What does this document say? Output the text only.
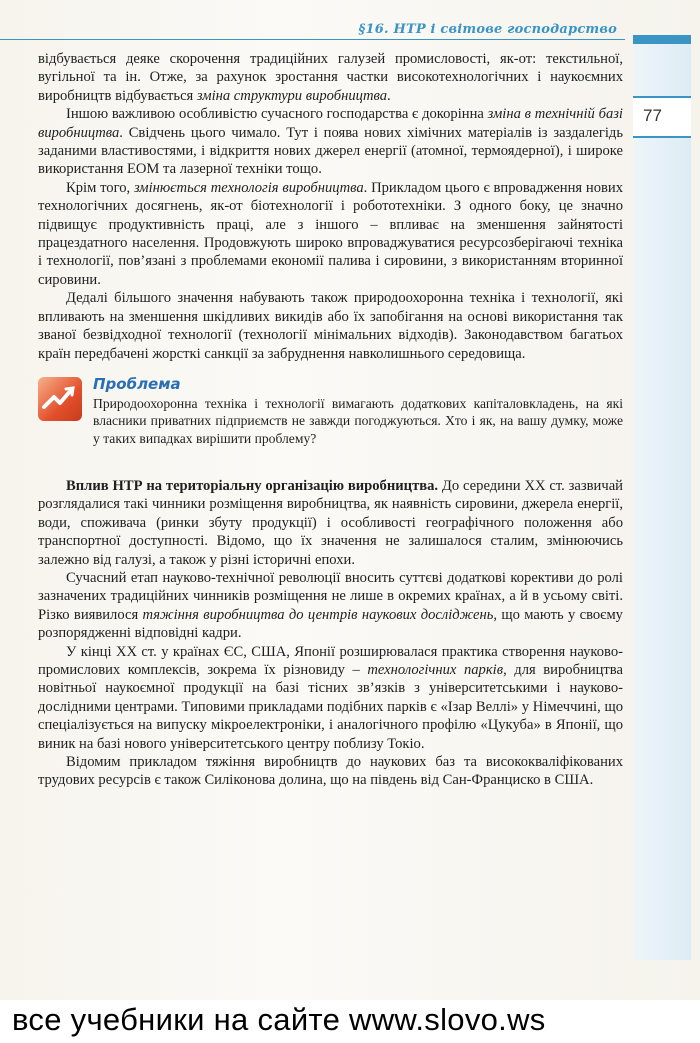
§16. НТР і світове господарство
77

відбувається деяке скорочення традиційних галузей промисловості, як-от: текстильної, вугільної та ін. Отже, за рахунок зростання частки високотехнологічних і наукоємних виробництв відбувається зміна структури виробництва.

Іншою важливою особливістю сучасного господарства є докорінна зміна в технічній базі виробництва. Свідчень цього чимало. Тут і поява нових хімічних матеріалів із заздалегідь заданими властивостями, і відкриття нових джерел енергії (атомної, термоядерної), і широке використання ЕОМ та лазерної техніки тощо.

Крім того, змінюється технологія виробництва. Прикладом цього є впровадження нових технологічних досягнень, як-от біотехнології і робототехніки. З одного боку, це значно підвищує продуктивність праці, але з іншого – впливає на зменшення зайнятості працездатного населення. Продовжують широко впроваджуватися ресурсозберігаючі техніка і технології, пов’язані з проблемами економії палива і сировини, з використанням вторинної сировини.

Дедалі більшого значення набувають також природоохоронна техніка і технології, які впливають на зменшення шкідливих викидів або їх запобігання на основі використання так званої безвідходної технології (технології мінімальних відходів). Законодавством багатьох країн передбачені жорсткі санкції за забруднення навколишнього середовища.

Проблема
Природоохоронна техніка і технології вимагають додаткових капіталовкладень, на які власники приватних підприємств не завжди погоджуються. Хто і як, на вашу думку, може у таких випадках вирішити проблему?

Вплив НТР на територіальну організацію виробництва. До середини ХХ ст. зазвичай розглядалися такі чинники розміщення виробництва, як наявність сировини, джерела енергії, води, споживача (ринки збуту продукції) і особливості географічного положення або транспортної доступності. Відомо, що їх значення не залишалося сталим, змінюючись залежно від галузі, а також у різні історичні епохи.

Сучасний етап науково-технічної революції вносить суттєві додаткові корективи до ролі зазначених традиційних чинників розміщення не лише в окремих країнах, а й в усьому світі. Різко виявилося тяжіння виробництва до центрів наукових досліджень, що мають у своєму розпорядженні відповідні кадри.

У кінці ХХ ст. у країнах ЄС, США, Японії розширювалася практика створення науково-промислових комплексів, зокрема їх різновиду – технологічних парків, для виробництва новітньої наукоємної продукції на базі тісних зв’язків з університетськими і науково-дослідними центрами. Типовими прикладами подібних парків є «Ізар Веллі» у Німеччині, що спеціалізується на випуску мікроелектроніки, і аналогічного профілю «Цукуба» в Японії, що виник на базі нового університетського центру поблизу Токіо.

Відомим прикладом тяжіння виробництв до наукових баз та висококваліфікованих трудових ресурсів є також Силіконова долина, що на південь від Сан-Франциско в США.

все учебники на сайте www.slovo.ws
